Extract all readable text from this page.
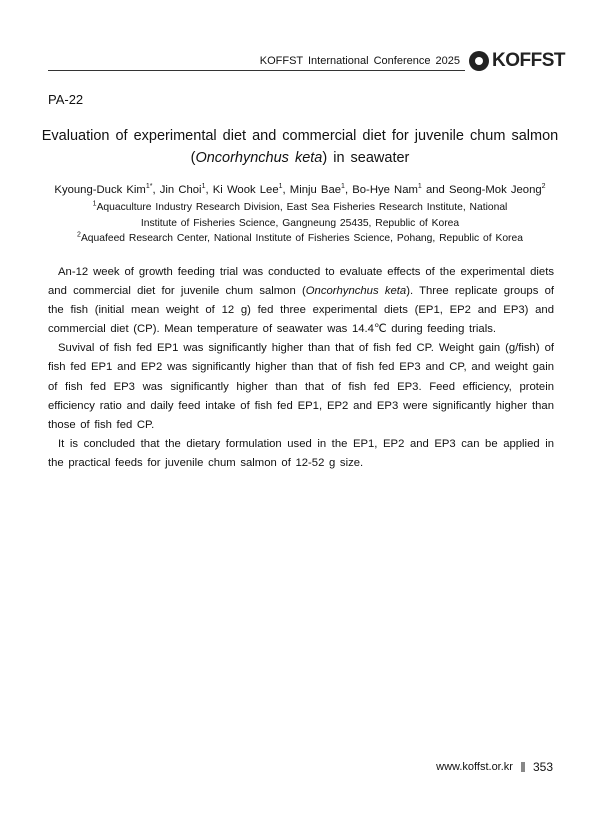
KOFFST International Conference 2025 KOFFST
PA-22
Evaluation of experimental diet and commercial diet for juvenile chum salmon
(Oncorhynchus keta) in seawater
Kyoung-Duck Kim$^{1*}$, Jin Choi$^1$, Ki Wook Lee$^1$, Minju Bae$^1$, Bo-Hye Nam$^1$ and Seong-Mok Jeong$^2$
$^1$Aquaculture Industry Research Division, East Sea Fisheries Research Institute, National Institute of Fisheries Science, Gangneung 25435, Republic of Korea
$^2$Aquafeed Research Center, National Institute of Fisheries Science, Pohang, Republic of Korea

An-12 week of growth feeding trial was conducted to evaluate effects of the experimental diets and commercial diet for juvenile chum salmon (Oncorhynchus keta). Three replicate groups of the fish (initial mean weight of 12 g) fed three experimental diets (EP1, EP2 and EP3) and commercial diet (CP). Mean temperature of seawater was 14.4℃ during feeding trials.

Suvival of fish fed EP1 was significantly higher than that of fish fed CP. Weight gain (g/fish) of fish fed EP1 and EP2 was significantly higher than that of fish fed EP3 and CP, and weight gain of fish fed EP3 was significantly higher than that of fish fed EP3. Feed efficiency, protein efficiency ratio and daily feed intake of fish fed EP1, EP2 and EP3 were significantly higher than those of fish fed CP.

It is concluded that the dietary formulation used in the EP1, EP2 and EP3 can be applied in the practical feeds for juvenile chum salmon of 12-52 g size.

www.koffst.or.kr 353
